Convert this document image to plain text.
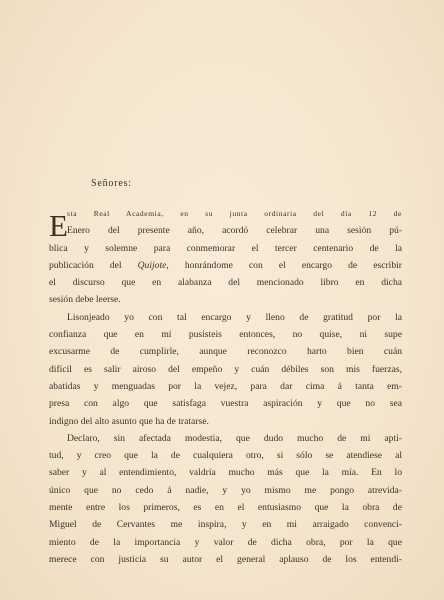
Señores:

E sta Real Academia, en su junta ordinaria del día 12 de
Enero del presente año, acordó celebrar una sesión pú-
blica y solemne para conmemorar el tercer centenario de la
publicación del Quijote, honrándome con el encargo de escribir
el discurso que en alabanza del mencionado libro en dicha
sesión debe leerse.
Lisonjeado yo con tal encargo y lleno de gratitud por la
confianza que en mí pusisteis entonces, no quise, ni supe
excusarme de cumplirle, aunque reconozco harto bien cuán
difícil es salir airoso del empeño y cuán débiles son mis fuerzas,
abatidas y menguadas por la vejez, para dar cima á tanta em-
presa con algo que satisfaga vuestra aspiración y que no sea
indigno del alto asunto que ha de tratarse.
Declaro, sin afectada modestia, que dudo mucho de mi apti-
tud, y creo que la de cualquiera otro, si sólo se atendiese al
saber y al entendimiento, valdría mucho más que la mía. En lo
único que no cedo á nadie, y yo mismo me pongo atrevida-
mente entre los primeros, es en el entusiasmo que la obra de
Miguel de Cervantes me inspira, y en mi arraigado convenci-
miento de la importancia y valor de dicha obra, por la que
merece con justicia su autor el general aplauso de los entendi-
